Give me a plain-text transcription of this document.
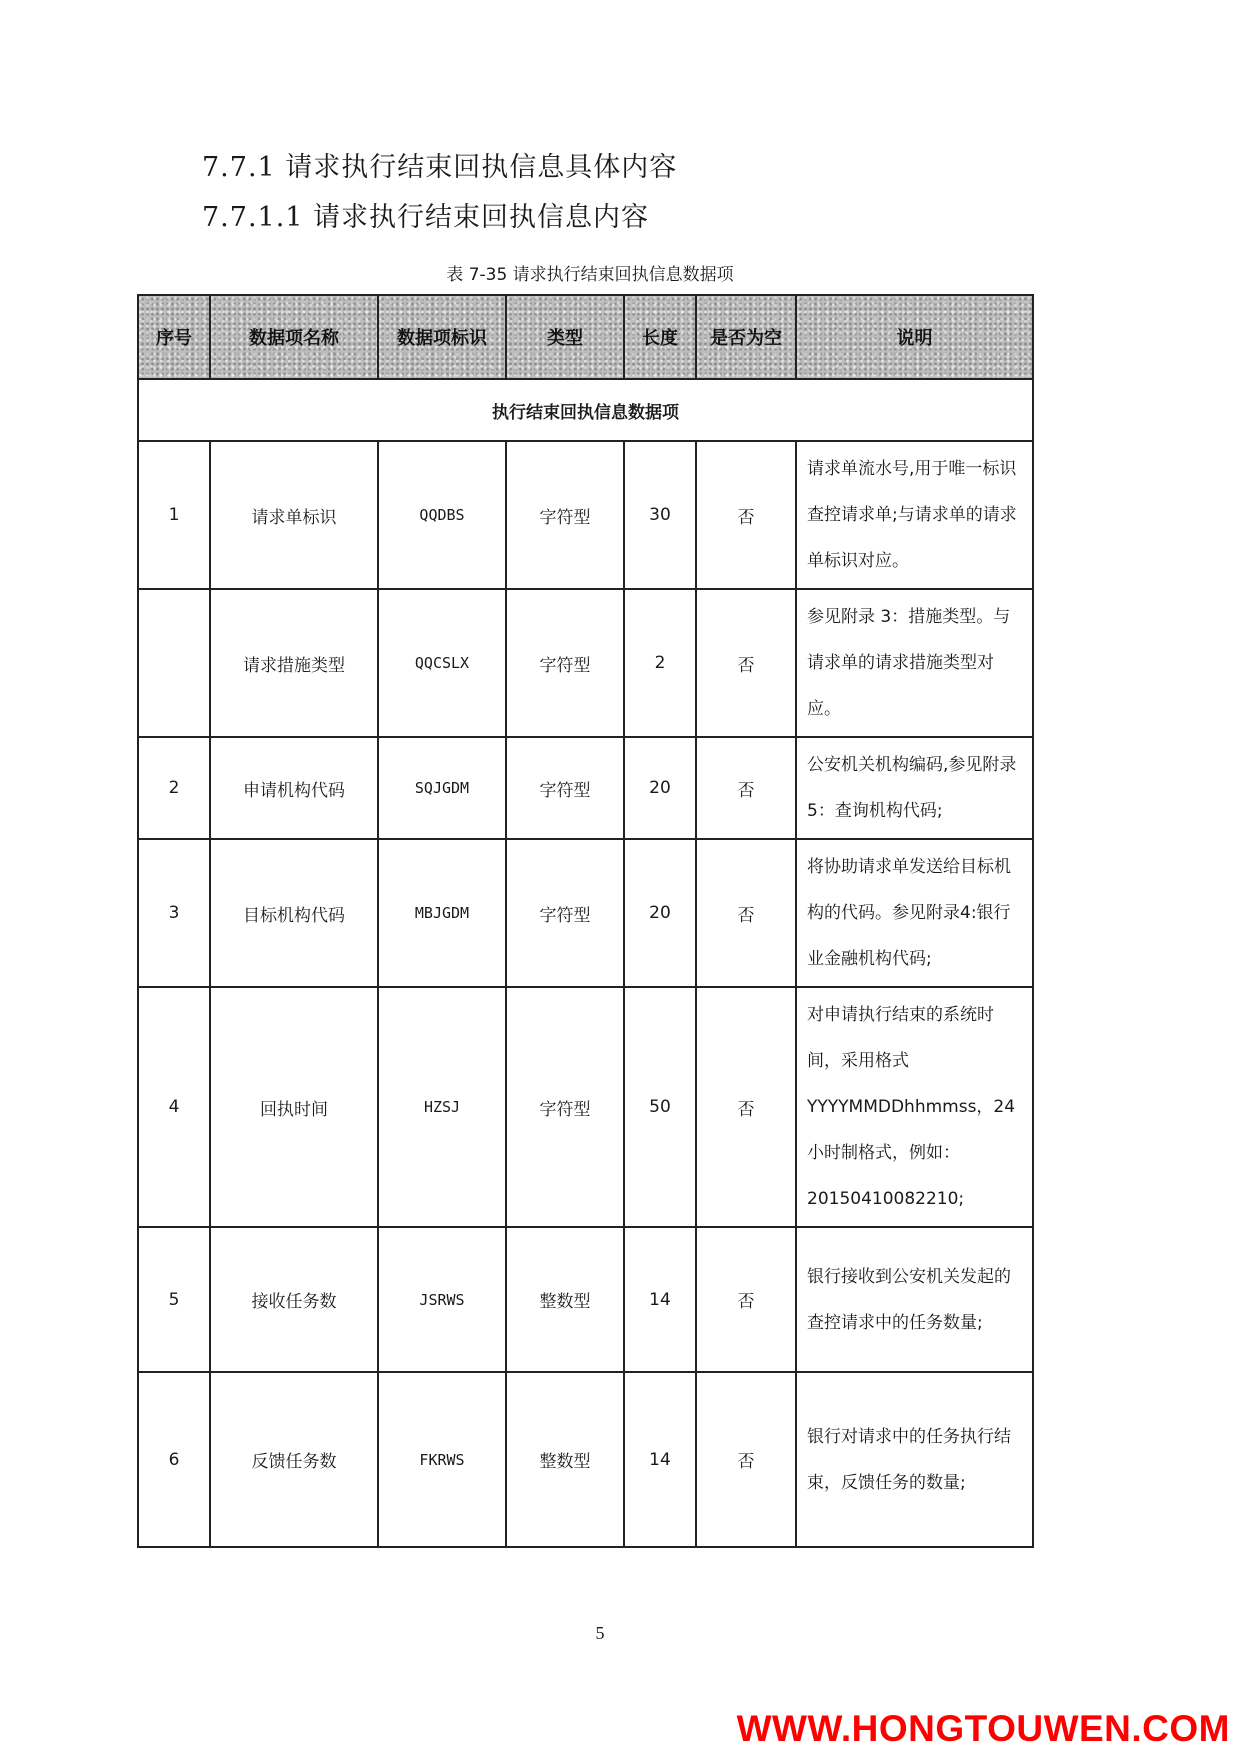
7.7.1 请求执行结束回执信息具体内容
7.7.1.1 请求执行结束回执信息内容
表 7-35 请求执行结束回执信息数据项
序号	数据项名称	数据项标识	类型	长度	是否为空	说明
执行结束回执信息数据项						
1	请求单标识	QQDBS	字符型	30	否	请求单流水号,用于唯一标识查控请求单;与请求单的请求单标识对应。
	请求措施类型	QQCSLX	字符型	2	否	参见附录 3：措施类型。与请求单的请求措施类型对应。
2	申请机构代码	SQJGDM	字符型	20	否	公安机关机构编码,参见附录 5：查询机构代码;
3	目标机构代码	MBJGDM	字符型	20	否	将协助请求单发送给目标机构的代码。参见附录4:银行业金融机构代码;
4	回执时间	HZSJ	字符型	50	否	对申请执行结束的系统时间，采用格式YYYYMMDDhhmmss，24 小时制格式，例如：20150410082210;
5	接收任务数	JSRWS	整数型	14	否	银行接收到公安机关发起的查控请求中的任务数量;
6	反馈任务数	FKRWS	整数型	14	否	银行对请求中的任务执行结束，反馈任务的数量;
5
WWW.HONGTOUWEN.COM
